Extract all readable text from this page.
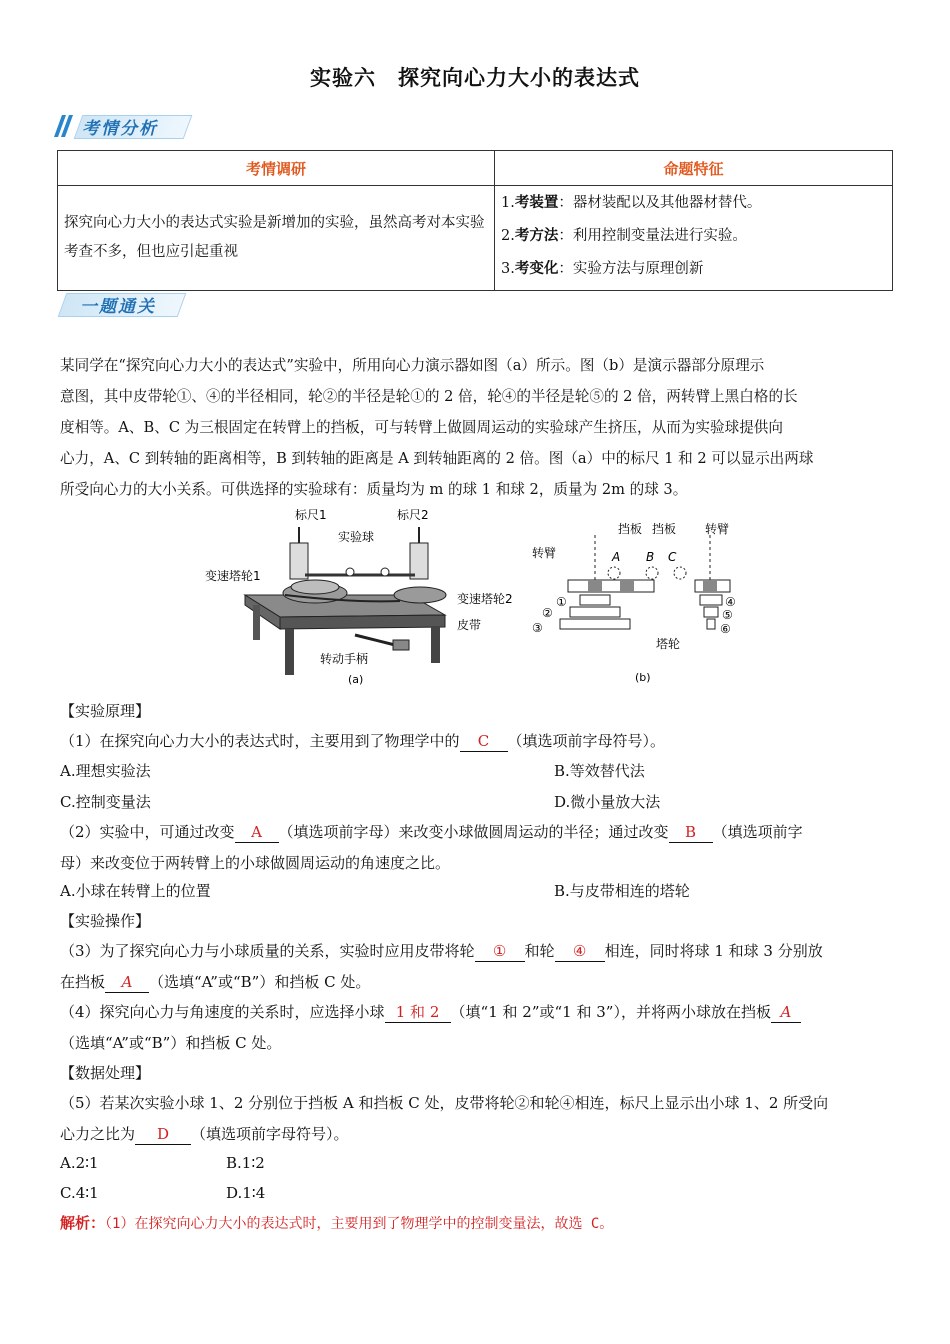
实验六　探究向心力大小的表达式
考情分析
考情调研	命题特征
探究向心力大小的表达式实验是新增加的实验，虽然高考对本实验考查不多，但也应引起重视	1.考装置：器材装配以及其他器材替代。
2.考方法：利用控制变量法进行实验。
3.考变化：实验方法与原理创新
一题通关
某同学在“探究向心力大小的表达式”实验中，所用向心力演示器如图（a）所示。图（b）是演示器部分原理示
意图，其中皮带轮①、④的半径相同，轮②的半径是轮①的 2 倍，轮④的半径是轮⑤的 2 倍，两转臂上黑白格的长
度相等。A、B、C 为三根固定在转臂上的挡板，可与转臂上做圆周运动的实验球产生挤压，从而为实验球提供向
心力，A、C 到转轴的距离相等，B 到转轴的距离是 A 到转轴距离的 2 倍。图（a）中的标尺 1 和 2 可以显示出两球
所受向心力的大小关系。可供选择的实验球有：质量均为 m 的球 1 和球 2，质量为 2m 的球 3。
标尺1	标尺2
实验球
变速塔轮1
变速塔轮2
皮带
转动手柄
(a)
挡板 挡板 转臂
转臂	A B C
①
②
③
④
⑤
⑥
塔轮
(b)
【实验原理】
（1）在探究向心力大小的表达式时，主要用到了物理学中的 C （填选项前字母符号）。
A.理想实验法	B.等效替代法
C.控制变量法	D.微小量放大法
（2）实验中，可通过改变 A （填选项前字母）来改变小球做圆周运动的半径；通过改变 B （填选项前字
母）来改变位于两转臂上的小球做圆周运动的角速度之比。
A.小球在转臂上的位置	B.与皮带相连的塔轮
【实验操作】
（3）为了探究向心力与小球质量的关系，实验时应用皮带将轮 ① 和轮 ④ 相连，同时将球 1 和球 3 分别放
在挡板 A （选填“A”或“B”）和挡板 C 处。
（4）探究向心力与角速度的关系时，应选择小球 1 和 2 （填“1 和 2”或“1 和 3”），并将两小球放在挡板 A
（选填“A”或“B”）和挡板 C 处。
【数据处理】
（5）若某次实验小球 1、2 分别位于挡板 A 和挡板 C 处，皮带将轮②和轮④相连，标尺上显示出小球 1、2 所受向
心力之比为 D （填选项前字母符号）。
A.2∶1	B.1∶2
C.4∶1	D.1∶4
解析：（1）在探究向心力大小的表达式时，主要用到了物理学中的控制变量法，故选 C。
